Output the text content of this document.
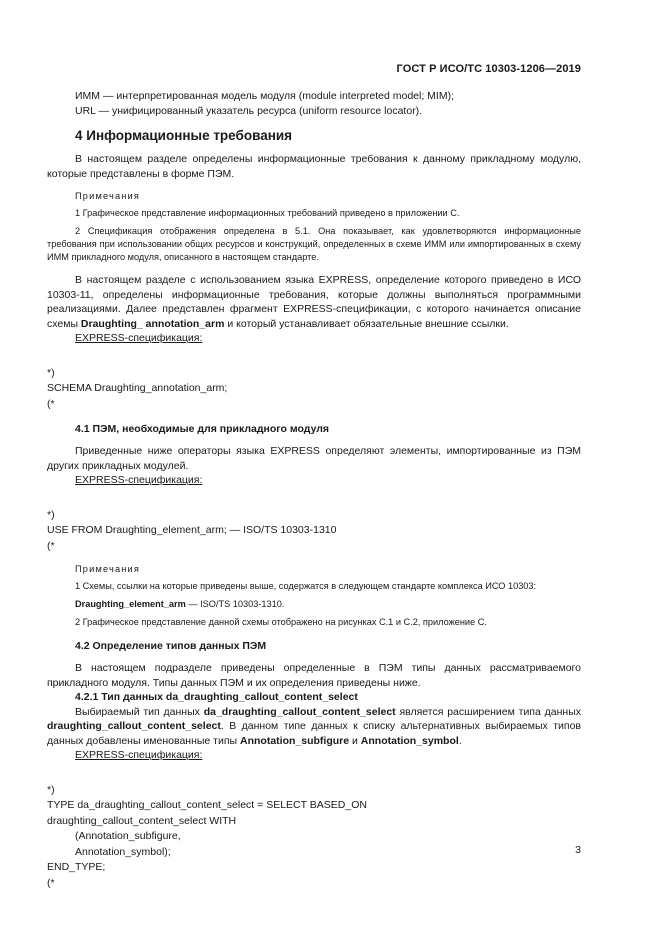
ГОСТ Р ИСО/ТС 10303-1206—2019

ИММ — интерпретированная модель модуля (module interpreted model; MIM);

URL — унифицированный указатель ресурса (uniform resource locator).

4 Информационные требования

В настоящем разделе определены информационные требования к данному прикладному модулю, которые представлены в форме ПЭМ.

Примечания

1 Графическое представление информационных требований приведено в приложении С.

2 Спецификация отображения определена в 5.1. Она показывает, как удовлетворяются информационные требования при использовании общих ресурсов и конструкций, определенных в схеме ИММ или импортированных в схему ИММ прикладного модуля, описанного в настоящем стандарте.

В настоящем разделе с использованием языка EXPRESS, определение которого приведено в ИСО 10303-11, определены информационные требования, которые должны выполняться программными реализациями. Далее представлен фрагмент EXPRESS-спецификации, с которого начинается описание схемы Draughting_ annotation_arm и который устанавливает обязательные внешние ссылки.

EXPRESS-спецификация:

*)

SCHEMA Draughting_annotation_arm;

(*

4.1 ПЭМ, необходимые для прикладного модуля

Приведенные ниже операторы языка EXPRESS определяют элементы, импортированные из ПЭМ других прикладных модулей.

EXPRESS-спецификация:

*)

USE FROM Draughting_element_arm; — ISO/TS 10303-1310

(*

Примечания

1 Схемы, ссылки на которые приведены выше, содержатся в следующем стандарте комплекса ИСО 10303:

Draughting_element_arm — ISO/TS 10303-1310.

2 Графическое представление данной схемы отображено на рисунках С.1 и С.2, приложение С.

4.2 Определение типов данных ПЭМ

В настоящем подразделе приведены определенные в ПЭМ типы данных рассматриваемого прикладного модуля. Типы данных ПЭМ и их определения приведены ниже.

4.2.1 Тип данных da_draughting_callout_content_select

Выбираемый тип данных da_draughting_callout_content_select является расширением типа данных draughting_callout_content_select. В данном типе данных к списку альтернативных выбираемых типов данных добавлены именованные типы Annotation_subfigure и Annotation_symbol.

EXPRESS-спецификация:

*)

TYPE da_draughting_callout_content_select = SELECT BASED_ON

draughting_callout_content_select WITH

(Annotation_subfigure,

Annotation_symbol);

END_TYPE;

(*

3
